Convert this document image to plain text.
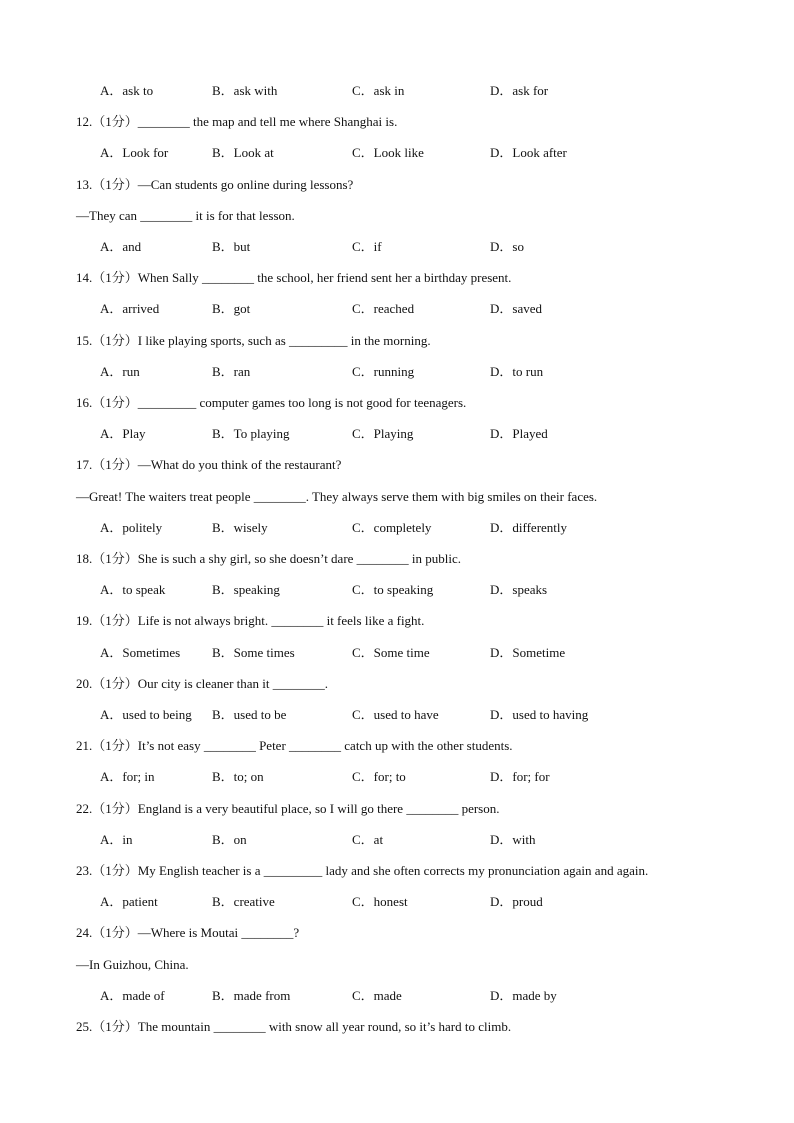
A．ask to	B．ask with	C．ask in	D．ask for
12.（1分）________ the map and tell me where Shanghai is.
A．Look for	B．Look at	C．Look like	D．Look after
13.（1分）—Can students go online during lessons?
—They can ________ it is for that lesson.
A．and	B．but	C．if	D．so
14.（1分）When Sally ________ the school, her friend sent her a birthday present.
A．arrived	B．got	C．reached	D．saved
15.（1分）I like playing sports, such as _________ in the morning.
A．run	B．ran	C．running	D．to run
16.（1分）_________ computer games too long is not good for teenagers.
A．Play	B．To playing	C．Playing	D．Played
17.（1分）—What do you think of the restaurant?
—Great! The waiters treat people ________. They always serve them with big smiles on their faces.
A．politely	B．wisely	C．completely	D．differently
18.（1分）She is such a shy girl, so she doesn’t dare ________ in public.
A．to speak	B．speaking	C．to speaking	D．speaks
19.（1分）Life is not always bright. ________ it feels like a fight.
A．Sometimes B．Some times	C．Some time	D．Sometime
20.（1分）Our city is cleaner than it ________.
A．used to being B．used to be	C．used to have	D．used to having
21.（1分）It’s not easy ________ Peter ________ catch up with the other students.
A．for; in	B．to; on	C．for; to	D．for; for
22.（1分）England is a very beautiful place, so I will go there ________ person.
A．in	B．on	C．at	D．with
23.（1分）My English teacher is a _________ lady and she often corrects my pronunciation again and again.
A．patient	B．creative	C．honest	D．proud
24.（1分）—Where is Moutai ________?
—In Guizhou, China.
A．made of	B．made from	C．made	D．made by
25.（1分）The mountain ________ with snow all year round, so it’s hard to climb.
